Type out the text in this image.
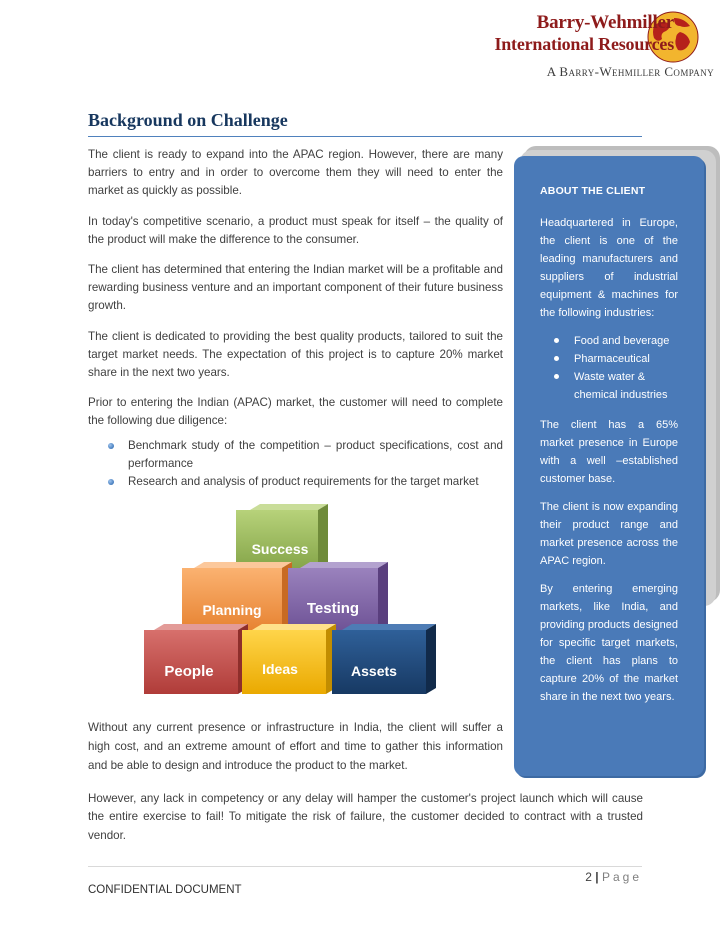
Barry-Wehmiller
International Resources
A Barry-Wehmiller Company
Background on Challenge

The client is ready to expand into the APAC region. However, there are many barriers to entry and in order to overcome them they will need to enter the market as quickly as possible.

In today's competitive scenario, a product must speak for itself – the quality of the product will make the difference to the consumer.

The client has determined that entering the Indian market will be a profitable and rewarding business venture and an important component of their future business growth.

The client is dedicated to providing the best quality products, tailored to suit the target market needs. The expectation of this project is to capture 20% market share in the next two years.

Prior to entering the Indian (APAC) market, the customer will need to complete the following due diligence:

Benchmark study of the competition – product specifications, cost and performance
Research and analysis of product requirements for the target market
Success
Planning	Testing
People	Ideas	Assets
Without any current presence or infrastructure in India, the client will suffer a high cost, and an extreme amount of effort and time to gather this information and be able to design and introduce the product to the market.
However, any lack in competency or any delay will hamper the customer's project launch which will cause the entire exercise to fail! To mitigate the risk of failure, the customer decided to contract with a trusted vendor.
ABOUT THE CLIENT

Headquartered in Europe, the client is one of the leading manufacturers and suppliers of industrial equipment & machines for the following industries:

Food and beverage
Pharmaceutical
Waste water & chemical industries

The client has a 65% market presence in Europe with a well –established customer base.

The client is now expanding their product range and market presence across the APAC region.

By entering emerging markets, like India, and providing products designed for specific target markets, the client has plans to capture 20% of the market share in the next two years.

2 | Page
CONFIDENTIAL DOCUMENT
